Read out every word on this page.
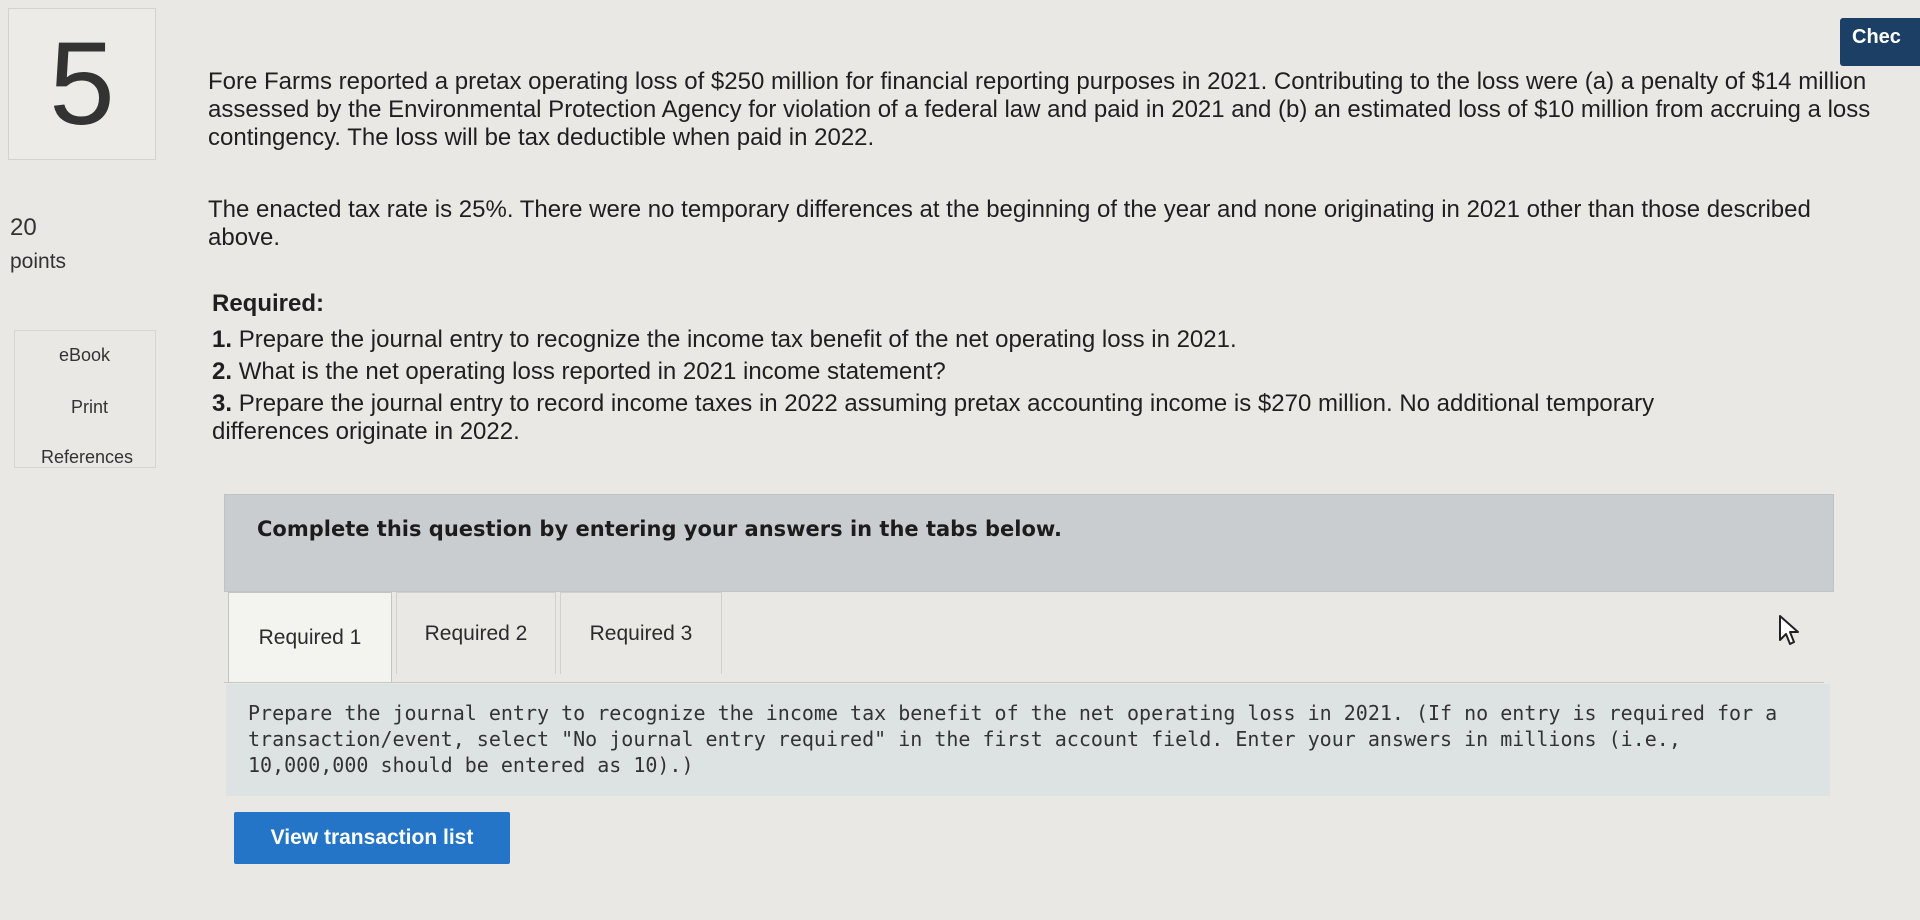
5
20
points
eBook
Print
References
Chec

Fore Farms reported a pretax operating loss of $250 million for financial reporting purposes in 2021. Contributing to the loss were (a) a penalty of $14 million assessed by the Environmental Protection Agency for violation of a federal law and paid in 2021 and (b) an estimated loss of $10 million from accruing a loss contingency. The loss will be tax deductible when paid in 2022.

The enacted tax rate is 25%. There were no temporary differences at the beginning of the year and none originating in 2021 other than those described above.

Required:
1. Prepare the journal entry to recognize the income tax benefit of the net operating loss in 2021.
2. What is the net operating loss reported in 2021 income statement?
3. Prepare the journal entry to record income taxes in 2022 assuming pretax accounting income is $270 million. No additional temporary differences originate in 2022.
Complete this question by entering your answers in the tabs below.
Required 1	Required 2	Required 3

Prepare the journal entry to recognize the income tax benefit of the net operating loss in 2021. (If no entry is required for a transaction/event, select "No journal entry required" in the first account field. Enter your answers in millions (i.e., 10,000,000 should be entered as 10).)

View transaction list
